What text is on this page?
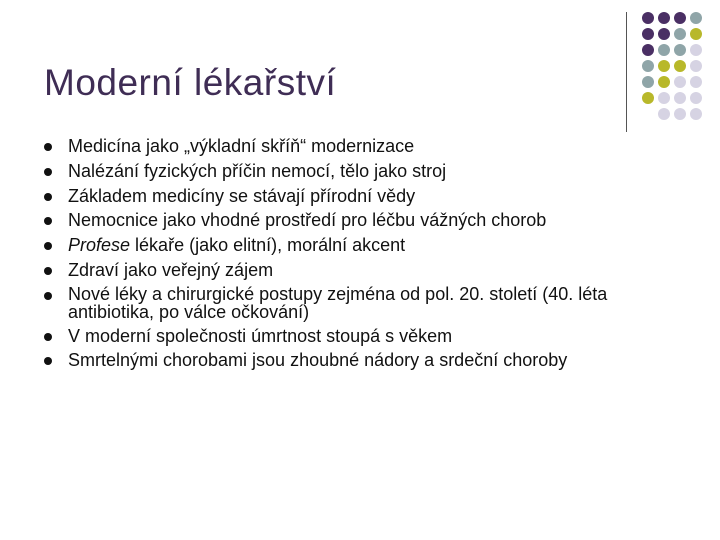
Moderní lékařství
Medicína jako „výkladní skříň“ modernizace
Nalézání fyzických příčin nemocí, tělo jako stroj
Základem medicíny se stávají přírodní vědy
Nemocnice jako vhodné prostředí pro léčbu vážných chorob
Profese lékaře (jako elitní), morální akcent
Zdraví jako veřejný zájem
Nové léky a chirurgické postupy zejména od pol. 20. století (40. léta antibiotika, po válce očkování)
V moderní společnosti úmrtnost stoupá s věkem
Smrtelnými chorobami jsou zhoubné nádory a srdeční choroby
